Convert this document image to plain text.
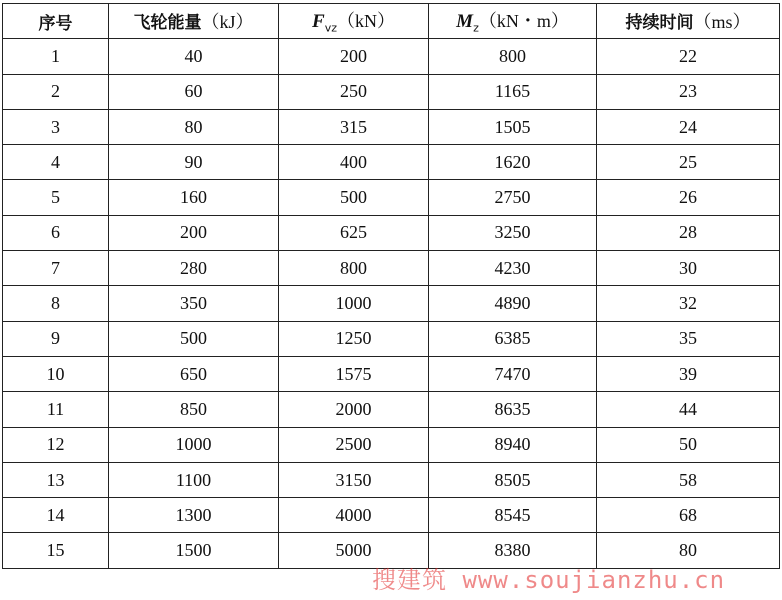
序号	飞轮能量（kJ）	$F_{vz}(kN)$	$M_z(kN$・m）	持续时间（ms）
1	40	200	800	22
2	60	250	1165	23
3	80	315	1505	24
4	90	400	1620	25
5	160	500	2750	26
6	200	625	3250	28
7	280	800	4230	30
8	350	1000	4890	32
9	500	1250	6385	35
10	650	1575	7470	39
11	850	2000	8635	44
12	1000	2500	8940	50
13	1100	3150	8505	58
14	1300	4000	8545	68
15	1500	5000	8380	80
搜建筑 www.soujianzhu.cn
